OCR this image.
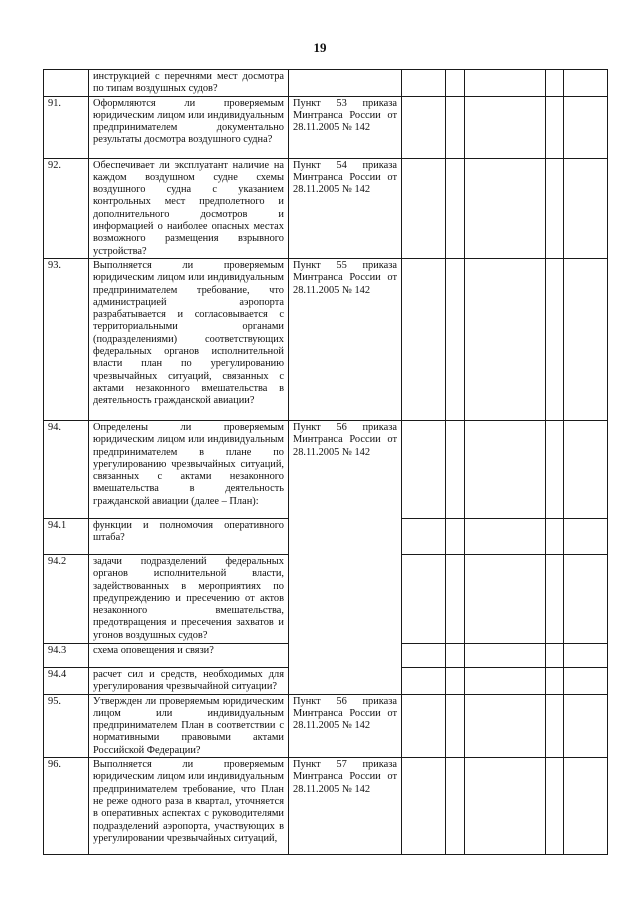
19
	инструкцией с перечнями мест досмотра по типам воздушных судов?						
91.	Оформляются ли проверяемым юридическим лицом или индивидуальным предпринимателем документально результаты досмотра воздушного судна?	Пункт 53 приказа Минтранса России от 28.11.2005 № 142					
92.	Обеспечивает ли эксплуатант наличие на каждом воздушном судне схемы воздушного судна с указанием контрольных мест предполетного и дополнительного досмотров и информацией о наиболее опасных местах возможного размещения взрывного устройства?	Пункт 54 приказа Минтранса России от 28.11.2005 № 142					
93.	Выполняется ли проверяемым юридическим лицом или индивидуальным предпринимателем требование, что администрацией аэропорта разрабатывается и согласовывается с территориальными органами (подразделениями) соответствующих федеральных органов исполнительной власти план по урегулированию чрезвычайных ситуаций, связанных с актами незаконного вмешательства в деятельность гражданской авиации?	Пункт 55 приказа Минтранса России от 28.11.2005 № 142					
94.	Определены ли проверяемым юридическим лицом или индивидуальным предпринимателем в плане по урегулированию чрезвычайных ситуаций, связанных с актами незаконного вмешательства в деятельность гражданской авиации (далее – План):	Пункт 56 приказа Минтранса России от 28.11.2005 № 142					
94.1	функции и полномочия оперативного штаба?						
94.2	задачи подразделений федеральных органов исполнительной власти, задействованных в мероприятиях по предупреждению и пресечению от актов незаконного вмешательства, предотвращения и пресечения захватов и угонов воздушных судов?						
94.3	схема оповещения и связи?						
94.4	расчет сил и средств, необходимых для урегулирования чрезвычайной ситуации?						
95.	Утвержден ли проверяемым юридическим лицом или индивидуальным предпринимателем План в соответствии с нормативными правовыми актами Российской Федерации?	Пункт 56 приказа Минтранса России от 28.11.2005 № 142					
96.	Выполняется ли проверяемым юридическим лицом или индивидуальным предпринимателем требование, что План не реже одного раза в квартал, уточняется в оперативных аспектах с руководителями подразделений аэропорта, участвующих в урегулировании чрезвычайных ситуаций,	Пункт 57 приказа Минтранса России от 28.11.2005 № 142					
